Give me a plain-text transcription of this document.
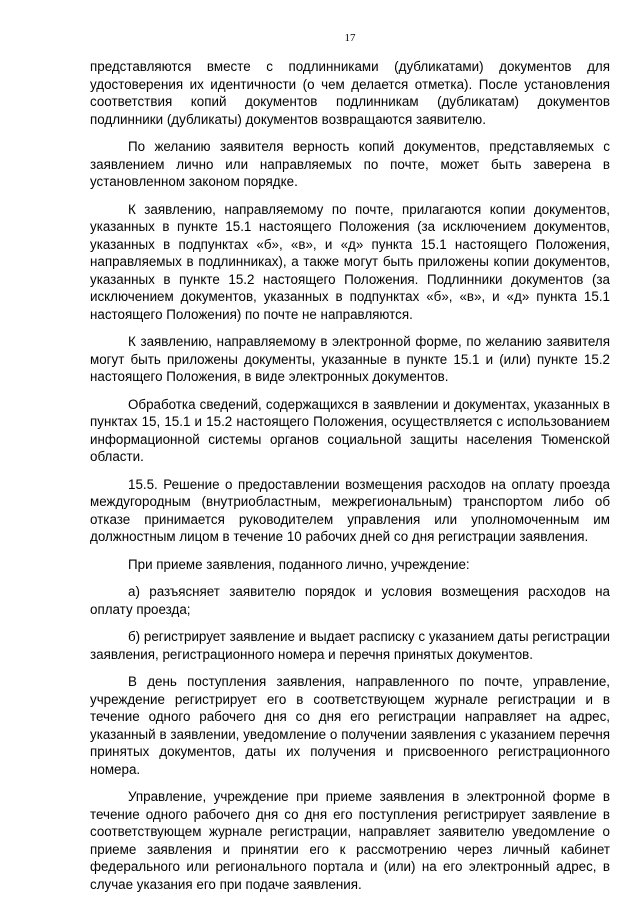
17

представляются вместе с подлинниками (дубликатами) документов для удостоверения их идентичности (о чем делается отметка). После установления соответствия копий документов подлинникам (дубликатам) документов подлинники (дубликаты) документов возвращаются заявителю.

По желанию заявителя верность копий документов, представляемых с заявлением лично или направляемых по почте, может быть заверена в установленном законом порядке.

К заявлению, направляемому по почте, прилагаются копии документов, указанных в пункте 15.1 настоящего Положения (за исключением документов, указанных в подпунктах «б», «в», и «д» пункта 15.1 настоящего Положения, направляемых в подлинниках), а также могут быть приложены копии документов, указанных в пункте 15.2 настоящего Положения. Подлинники документов (за исключением документов, указанных в подпунктах «б», «в», и «д» пункта 15.1 настоящего Положения) по почте не направляются.

К заявлению, направляемому в электронной форме, по желанию заявителя могут быть приложены документы, указанные в пункте 15.1 и (или) пункте 15.2 настоящего Положения, в виде электронных документов.

Обработка сведений, содержащихся в заявлении и документах, указанных в пунктах 15, 15.1 и 15.2 настоящего Положения, осуществляется с использованием информационной системы органов социальной защиты населения Тюменской области.

15.5. Решение о предоставлении возмещения расходов на оплату проезда междугородным (внутриобластным, межрегиональным) транспортом либо об отказе принимается руководителем управления или уполномоченным им должностным лицом в течение 10 рабочих дней со дня регистрации заявления.

При приеме заявления, поданного лично, учреждение:

а) разъясняет заявителю порядок и условия возмещения расходов на оплату проезда;

б) регистрирует заявление и выдает расписку с указанием даты регистрации заявления, регистрационного номера и перечня принятых документов.

В день поступления заявления, направленного по почте, управление, учреждение регистрирует его в соответствующем журнале регистрации и в течение одного рабочего дня со дня его регистрации направляет на адрес, указанный в заявлении, уведомление о получении заявления с указанием перечня принятых документов, даты их получения и присвоенного регистрационного номера.

Управление, учреждение при приеме заявления в электронной форме в течение одного рабочего дня со дня его поступления регистрирует заявление в соответствующем журнале регистрации, направляет заявителю уведомление о приеме заявления и принятии его к рассмотрению через личный кабинет федерального или регионального портала и (или) на его электронный адрес, в случае указания его при подаче заявления.
